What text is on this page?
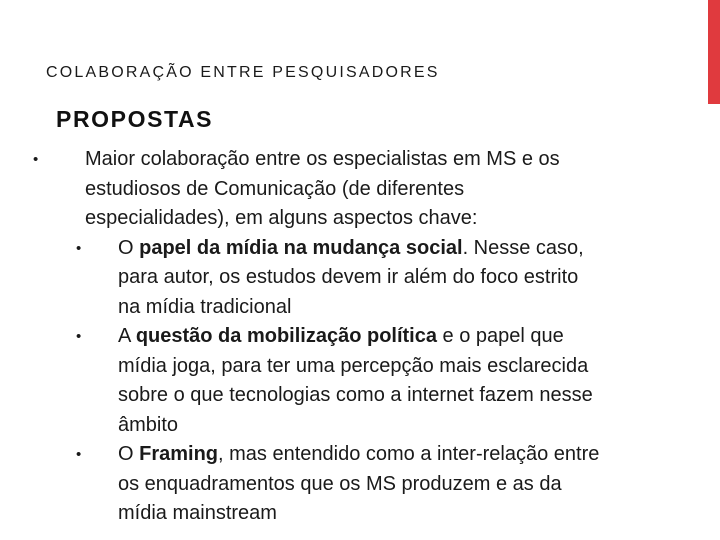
COLABORAÇÃO ENTRE PESQUISADORES
PROPOSTAS
• Maior colaboração entre os especialistas em MS e os
estudiosos de Comunicação (de diferentes
especialidades), em alguns aspectos chave:
• O papel da mídia na mudança social. Nesse caso,
para autor, os estudos devem ir além do foco estrito
na mídia tradicional
• A questão da mobilização política e o papel que
mídia joga, para ter uma percepção mais esclarecida
sobre o que tecnologias como a internet fazem nesse
âmbito
• O Framing, mas entendido como a inter-relação entre
os enquadramentos que os MS produzem e as da
mídia mainstream
